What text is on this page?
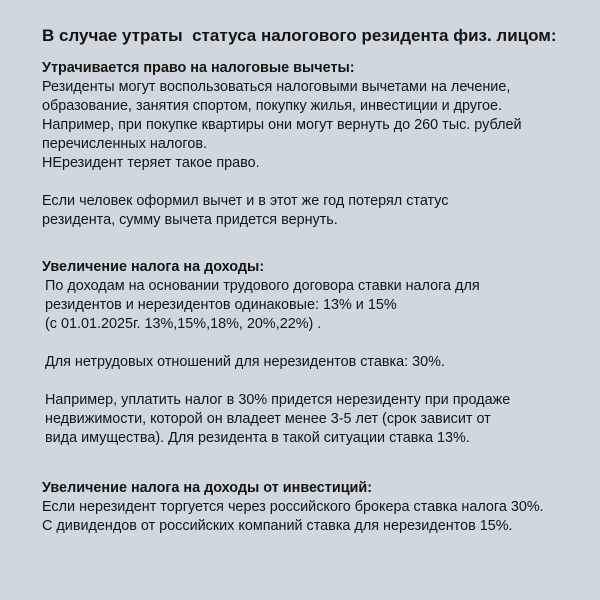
В случае утраты  статуса налогового резидента физ. лицом:
Утрачивается право на налоговые вычеты:

Резиденты могут воспользоваться налоговыми вычетами на лечение,

образование, занятия спортом, покупку жилья, инвестиции и другое.

Например, при покупке квартиры они могут вернуть до 260 тыс. рублей

перечисленных налогов.

НЕрезидент теряет такое право.

Если человек оформил вычет и в этот же год потерял статус

резидента, сумму вычета придется вернуть.

Увеличение налога на доходы:

По доходам на основании трудового договора ставки налога для

резидентов и нерезидентов одинаковые: 13% и 15%

(с 01.01.2025г. 13%,15%,18%, 20%,22%) .

Для нетрудовых отношений для нерезидентов ставка: 30%.

Например, уплатить налог в 30% придется нерезиденту при продаже

недвижимости, которой он владеет менее 3-5 лет (срок зависит от

вида имущества). Для резидента в такой ситуации ставка 13%.

Увеличение налога на доходы от инвестиций:

Если нерезидент торгуется через российского брокера ставка налога 30%.

С дивидендов от российских компаний ставка для нерезидентов 15%.
